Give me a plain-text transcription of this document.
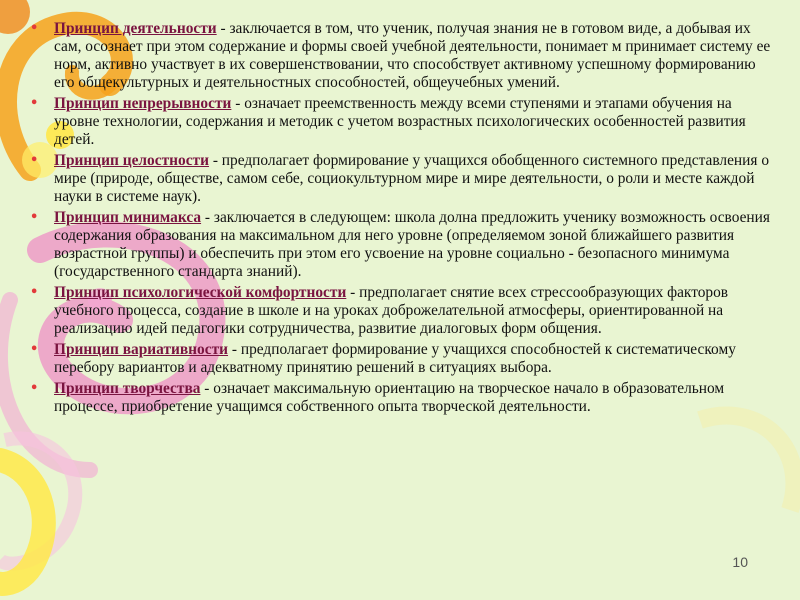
• Принцип деятельности - заключается в том, что ученик, получая знания не в готовом виде, а добывая их сам, осознает при этом содержание и формы своей учебной деятельности, понимает м принимает систему ее норм, активно участвует в их совершенствовании, что способствует активному успешному формированию его общекультурных и деятельностных способностей, общеучебных умений.
• Принцип непрерывности - означает преемственность между всеми ступенями и этапами обучения на уровне технологии, содержания и методик с учетом возрастных психологических особенностей развития детей.
• Принцип целостности - предполагает формирование у учащихся обобщенного системного представления о мире (природе, обществе, самом себе, социокультурном мире и мире деятельности, о роли и месте каждой науки в системе наук).
• Принцип минимакса - заключается в следующем: школа долна предложить ученику возможность освоения содержания образования на максимальном для него уровне (определяемом зоной ближайшего развития возрастной группы) и обеспечить при этом его усвоение на уровне социально - безопасного минимума (государственного стандарта знаний).
• Принцип психологической комфортности - предполагает снятие всех стрессообразующих факторов учебного процесса, создание в школе и на уроках доброжелательной атмосферы, ориентированной на реализацию идей педагогики сотрудничества, развитие диалоговых форм общения.
• Принцип вариативности - предполагает формирование у учащихся способностей к систематическому перебору вариантов и адекватному принятию решений в ситуациях выбора.
• Принцип творчества - означает максимальную ориентацию на творческое начало в образовательном процессе, приобретение учащимся собственного опыта творческой деятельности.
10
